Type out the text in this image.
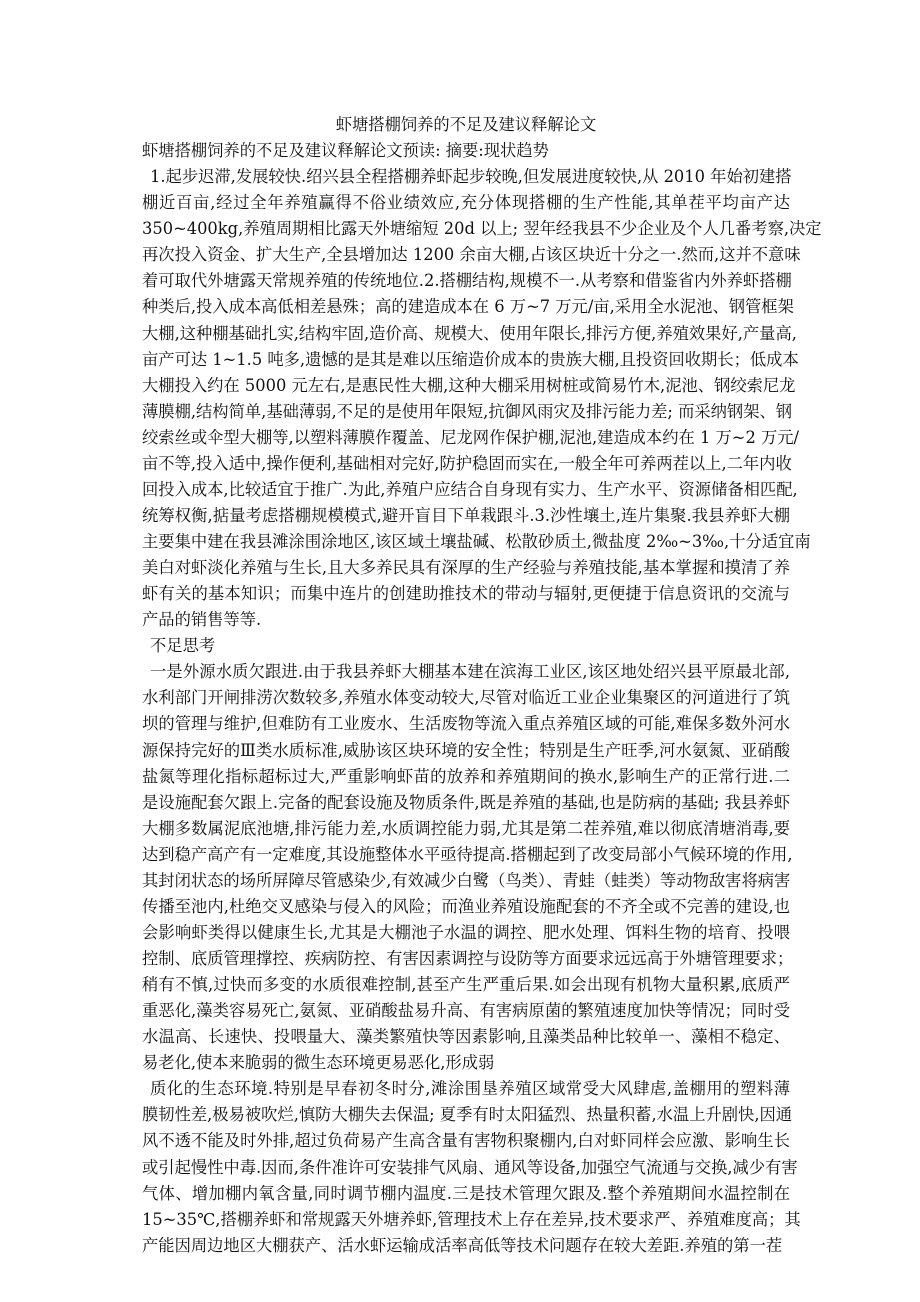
虾塘搭棚饲养的不足及建议释解论文
虾塘搭棚饲养的不足及建议释解论文预读: 摘要:现状趋势
1.起步迟滞,发展较快.绍兴县全程搭棚养虾起步较晚,但发展进度较快,从 2010 年始初建搭
棚近百亩,经过全年养殖赢得不俗业绩效应,充分体现搭棚的生产性能,其单茬平均亩产达
350~400kg,养殖周期相比露天外塘缩短 20d 以上; 翌年经我县不少企业及个人几番考察,决定
再次投入资金、扩大生产,全县增加达 1200 余亩大棚,占该区块近十分之一.然而,这并不意味
着可取代外塘露天常规养殖的传统地位.2.搭棚结构,规模不一.从考察和借鉴省内外养虾搭棚
种类后,投入成本高低相差悬殊；高的建造成本在 6 万~7 万元/亩,采用全水泥池、钢管框架
大棚,这种棚基础扎实,结构牢固,造价高、规模大、使用年限长,排污方便,养殖效果好,产量高,
亩产可达 1~1.5 吨多,遗憾的是其是难以压缩造价成本的贵族大棚,且投资回收期长；低成本
大棚投入约在 5000 元左右,是惠民性大棚,这种大棚采用树桩或简易竹木,泥池、钢绞索尼龙
薄膜棚,结构简单,基础薄弱,不足的是使用年限短,抗御风雨灾及排污能力差; 而采纳钢架、钢
绞索丝或伞型大棚等,以塑料薄膜作覆盖、尼龙网作保护棚,泥池,建造成本约在 1 万~2 万元/
亩不等,投入适中,操作便利,基础相对完好,防护稳固而实在,一般全年可养两茬以上,二年内收
回投入成本,比较适宜于推广.为此,养殖户应结合自身现有实力、生产水平、资源储备相匹配,
统筹权衡,掂量考虑搭棚规模模式,避开盲目下单栽跟斗.3.沙性壤土,连片集聚.我县养虾大棚
主要集中建在我县滩涂围涂地区,该区域土壤盐碱、松散砂质土,微盐度 2‰~3‰,十分适宜南
美白对虾淡化养殖与生长,且大多养民具有深厚的生产经验与养殖技能,基本掌握和摸清了养
虾有关的基本知识；而集中连片的创建助推技术的带动与辐射,更便捷于信息资讯的交流与
产品的销售等等.
不足思考
一是外源水质欠跟进.由于我县养虾大棚基本建在滨海工业区,该区地处绍兴县平原最北部,
水利部门开闸排涝次数较多,养殖水体变动较大,尽管对临近工业企业集聚区的河道进行了筑
坝的管理与维护,但难防有工业废水、生活废物等流入重点养殖区域的可能,难保多数外河水
源保持完好的Ⅲ类水质标准,威胁该区块环境的安全性；特别是生产旺季,河水氨氮、亚硝酸
盐氮等理化指标超标过大,严重影响虾苗的放养和养殖期间的换水,影响生产的正常行进.二
是设施配套欠跟上.完备的配套设施及物质条件,既是养殖的基础,也是防病的基础; 我县养虾
大棚多数属泥底池塘,排污能力差,水质调控能力弱,尤其是第二茬养殖,难以彻底清塘消毒,要
达到稳产高产有一定难度,其设施整体水平亟待提高.搭棚起到了改变局部小气候环境的作用,
其封闭状态的场所屏障尽管感染少,有效减少白鹭（鸟类）、青蛙（蛙类）等动物敌害将病害
传播至池内,杜绝交叉感染与侵入的风险；而渔业养殖设施配套的不齐全或不完善的建设,也
会影响虾类得以健康生长,尤其是大棚池子水温的调控、肥水处理、饵料生物的培育、投喂
控制、底质管理撑控、疾病防控、有害因素调控与设防等方面要求远远高于外塘管理要求；
稍有不慎,过快而多变的水质很难控制,甚至产生严重后果.如会出现有机物大量积累,底质严
重恶化,藻类容易死亡,氨氮、亚硝酸盐易升高、有害病原菌的繁殖速度加快等情况；同时受
水温高、长速快、投喂量大、藻类繁殖快等因素影响,且藻类品种比较单一、藻相不稳定、
易老化,使本来脆弱的微生态环境更易恶化,形成弱
质化的生态环境.特别是早春初冬时分,滩涂围垦养殖区域常受大风肆虐,盖棚用的塑料薄
膜韧性差,极易被吹烂,慎防大棚失去保温; 夏季有时太阳猛烈、热量积蓄,水温上升剧快,因通
风不透不能及时外排,超过负荷易产生高含量有害物积聚棚内,白对虾同样会应激、影响生长
或引起慢性中毒.因而,条件准许可安装排气风扇、通风等设备,加强空气流通与交换,减少有害
气体、增加棚内氧含量,同时调节棚内温度.三是技术管理欠跟及.整个养殖期间水温控制在
15~35℃,搭棚养虾和常规露天外塘养虾,管理技术上存在差异,技术要求严、养殖难度高；其
产能因周边地区大棚获产、活水虾运输成活率高低等技术问题存在较大差距.养殖的第一茬
